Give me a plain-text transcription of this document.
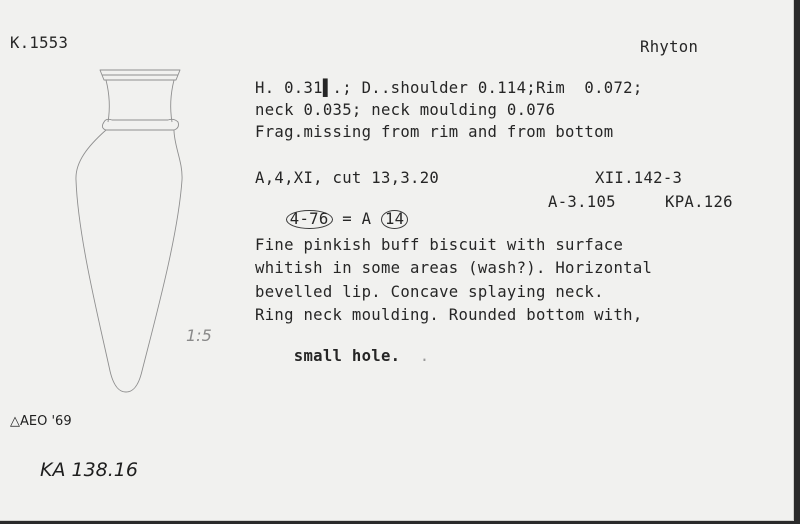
K.1553	Rhyton
H. 0.31▌.; D..shoulder 0.114;Rim  0.072;
neck 0.035; neck moulding 0.076
Frag.missing from rim and from bottom
A,4,XI, cut 13,3.20	XII.142-3

4-76 = A 14

A-3.105	KPA.126
Fine pinkish buff biscuit with surface
whitish in some areas (wash?). Horizontal
bevelled lip. Concave splaying neck.
Ring neck moulding. Rounded bottom with,

small hole.  .

1:5
△AEO '69
KA 138.16
